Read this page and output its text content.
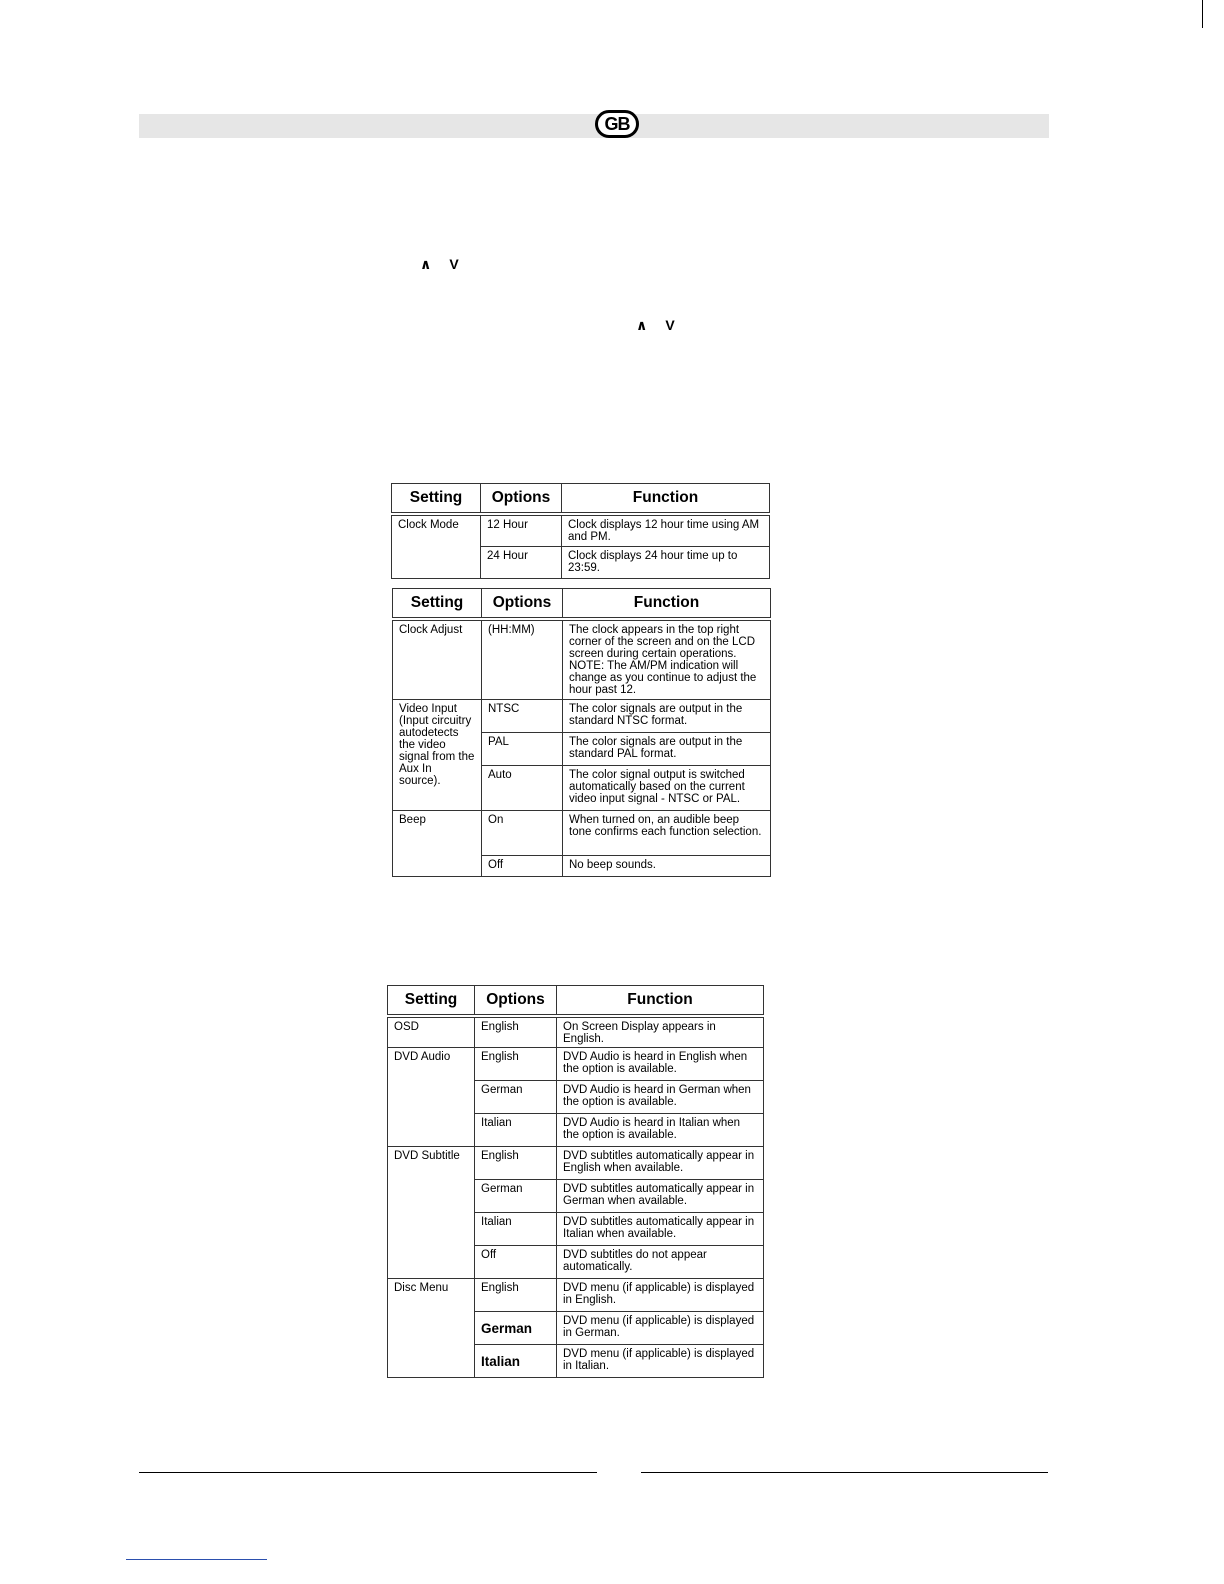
GB
∧ V
∧ V
Setting	Options	Function
Clock Mode	12 Hour	Clock displays 12 hour time using AM and PM.
	24 Hour	Clock displays 24 hour time up to 23:59.
Setting	Options	Function
Clock Adjust	(HH:MM)	The clock appears in the top right corner of the screen and on the LCD screen during certain operations. NOTE: The AM/PM indication will change as you continue to adjust the hour past 12.
Video Input (Input circuitry autodetects the video signal from the Aux In source).	NTSC	The color signals are output in the standard NTSC format.
	PAL	The color signals are output in the standard PAL format.
	Auto	The color signal output is switched automatically based on the current video input signal - NTSC or PAL.
Beep	On	When turned on, an audible beep tone confirms each function selection.
	Off	No beep sounds.
Setting	Options	Function
OSD	English	On Screen Display appears in English.
DVD Audio	English	DVD Audio is heard in English when the option is available.
	German	DVD Audio is heard in German when the option is available.
	Italian	DVD Audio is heard in Italian when the option is available.
DVD Subtitle	English	DVD subtitles automatically appear in English when available.
	German	DVD subtitles automatically appear in German when available.
	Italian	DVD subtitles automatically appear in Italian when available.
	Off	DVD subtitles do not appear automatically.
Disc Menu	English	DVD menu (if applicable) is displayed in English.
	German	DVD menu (if applicable) is displayed in German.
	Italian	DVD menu (if applicable) is displayed in Italian.
